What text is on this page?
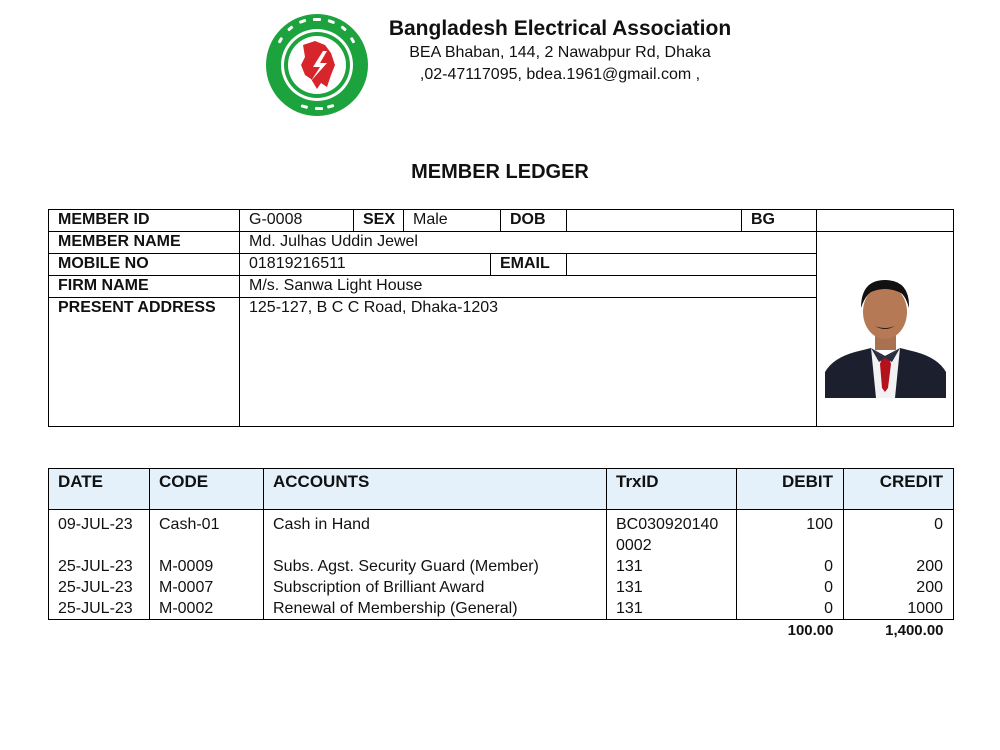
Bangladesh Electrical Association
BEA Bhaban, 144, 2 Nawabpur Rd, Dhaka
,02-47117095, bdea.1961@gmail.com ,
MEMBER LEDGER
MEMBER ID	G-0008	SEX	Male		DOB		BG	
MEMBER NAME	Md. Julhas Uddin Jewel	

MOBILE NO	01819216511			EMAIL				
FIRM NAME	M/s. Sanwa Light House							
PRESENT ADDRESS	125-127, B C C Road, Dhaka-1203							
DATE	CODE	ACCOUNTS	TrxID	DEBIT	CREDIT
09-JUL-23	Cash-01	Cash in Hand	BC0309201400002	100	0
25-JUL-23	M-0009	Subs. Agst. Security Guard (Member)	131	0	200
25-JUL-23	M-0007	Subscription of Brilliant Award	131	0	200
25-JUL-23	M-0002	Renewal of Membership (General)	131	0	1000
				100.00	1,400.00
